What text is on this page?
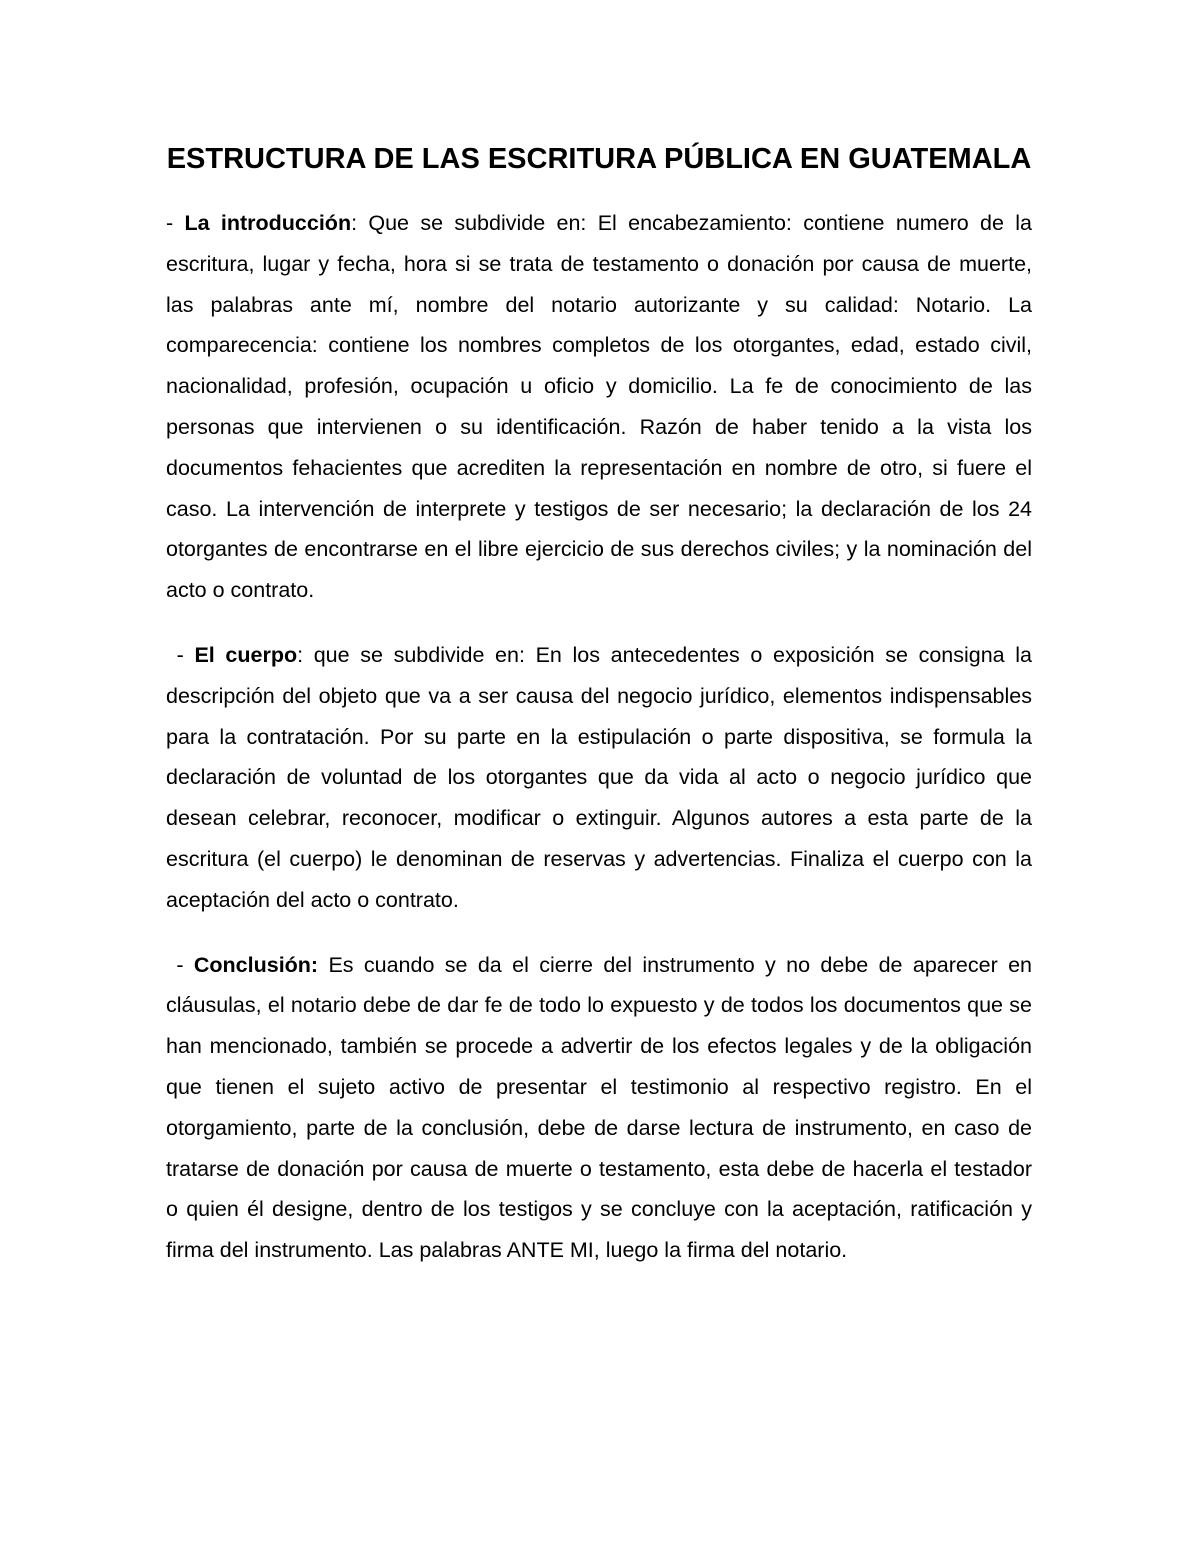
ESTRUCTURA DE LAS ESCRITURA PÚBLICA EN GUATEMALA

- La introducción: Que se subdivide en: El encabezamiento: contiene numero de la escritura, lugar y fecha, hora si se trata de testamento o donación por causa de muerte, las palabras ante mí, nombre del notario autorizante y su calidad: Notario. La comparecencia: contiene los nombres completos de los otorgantes, edad, estado civil, nacionalidad, profesión, ocupación u oficio y domicilio. La fe de conocimiento de las personas que intervienen o su identificación. Razón de haber tenido a la vista los documentos fehacientes que acrediten la representación en nombre de otro, si fuere el caso. La intervención de interprete y testigos de ser necesario; la declaración de los 24 otorgantes de encontrarse en el libre ejercicio de sus derechos civiles; y la nominación del acto o contrato.

- El cuerpo: que se subdivide en: En los antecedentes o exposición se consigna la descripción del objeto que va a ser causa del negocio jurídico, elementos indispensables para la contratación. Por su parte en la estipulación o parte dispositiva, se formula la declaración de voluntad de los otorgantes que da vida al acto o negocio jurídico que desean celebrar, reconocer, modificar o extinguir. Algunos autores a esta parte de la escritura (el cuerpo) le denominan de reservas y advertencias. Finaliza el cuerpo con la aceptación del acto o contrato.

- Conclusión: Es cuando se da el cierre del instrumento y no debe de aparecer en cláusulas, el notario debe de dar fe de todo lo expuesto y de todos los documentos que se han mencionado, también se procede a advertir de los efectos legales y de la obligación que tienen el sujeto activo de presentar el testimonio al respectivo registro. En el otorgamiento, parte de la conclusión, debe de darse lectura de instrumento, en caso de tratarse de donación por causa de muerte o testamento, esta debe de hacerla el testador o quien él designe, dentro de los testigos y se concluye con la aceptación, ratificación y firma del instrumento. Las palabras ANTE MI, luego la firma del notario.
